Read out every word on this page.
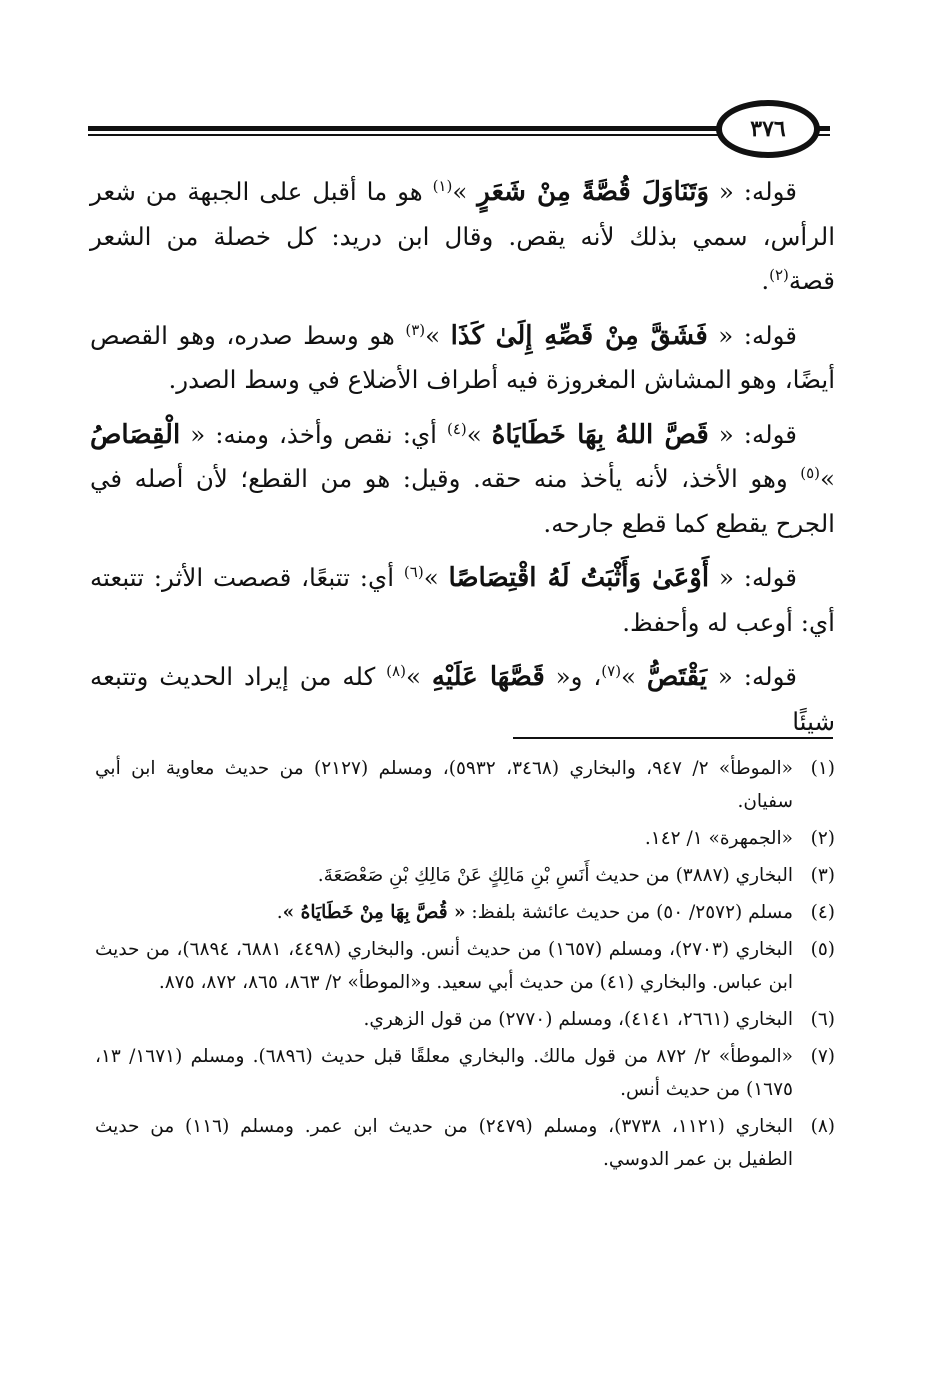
٣٧٦

قوله: « وَتَنَاوَلَ قُصَّةً مِنْ شَعَرٍ »$^{(١)}$ هو ما أقبل على الجبهة من شعر الرأس، سمي بذلك لأنه يقص. وقال ابن دريد: كل خصلة من الشعر قصة$^{(٢)}$.

قوله: « فَشَقَّ مِنْ قَصِّهِ إِلَىٰ كَذَا »$^{(٣)}$ هو وسط صدره، وهو القصص أيضًا، وهو المشاش المغروزة فيه أطراف الأضلاع في وسط الصدر.

قوله: « قَصَّ اللهُ بِهَا خَطَايَاهُ »$^{(٤)}$ أي: نقص وأخذ، ومنه: « الْقِصَاصُ »$^{(٥)}$ وهو الأخذ، لأنه يأخذ منه حقه. وقيل: هو من القطع؛ لأن أصله في الجرح يقطع كما قطع جارحه.

قوله: « أَوْعَىٰ وَأَثْبَتُ لَهُ اقْتِصَاصًا »$^{(٦)}$ أي: تتبعًا، قصصت الأثر: تتبعته أي: أوعب له وأحفظ.

قوله: « يَقْتَصُّ »$^{(٧)}$، و« قَصَّهَا عَلَيْهِ »$^{(٨)}$ كله من إيراد الحديث وتتبعه شيئًا

(١)
«الموطأ» ٢/ ٩٤٧، والبخاري (٣٤٦٨، ٥٩٣٢)، ومسلم (٢١٢٧) من حديث معاوية ابن أبي سفيان.
(٢)
«الجمهرة» ١/ ١٤٢.
(٣)
البخاري (٣٨٨٧) من حديث أَنَسِ بْنِ مَالِكٍ عَنْ مَالِكِ بْنِ صَعْصَعَةَ.
(٤)
مسلم (٢٥٧٢/ ٥٠) من حديث عائشة بلفظ: « قُصَّ بِهَا مِنْ خَطَايَاهُ ».
(٥)
البخاري (٢٧٠٣)، ومسلم (١٦٥٧) من حديث أنس. والبخاري (٤٤٩٨، ٦٨٨١، ٦٨٩٤)، من حديث ابن عباس. والبخاري (٤١) من حديث أبي سعيد. و«الموطأ» ٢/ ٨٦٣، ٨٦٥، ٨٧٢، ٨٧٥.
(٦)
البخاري (٢٦٦١، ٤١٤١)، ومسلم (٢٧٧٠) من قول الزهري.
(٧)
«الموطأ» ٢/ ٨٧٢ من قول مالك. والبخاري معلقًا قبل حديث (٦٨٩٦). ومسلم (١٦٧١/ ١٣، ١٦٧٥) من حديث أنس.
(٨)
البخاري (١١٢١، ٣٧٣٨)، ومسلم (٢٤٧٩) من حديث ابن عمر. ومسلم (١١٦) من حديث الطفيل بن عمر الدوسي.
